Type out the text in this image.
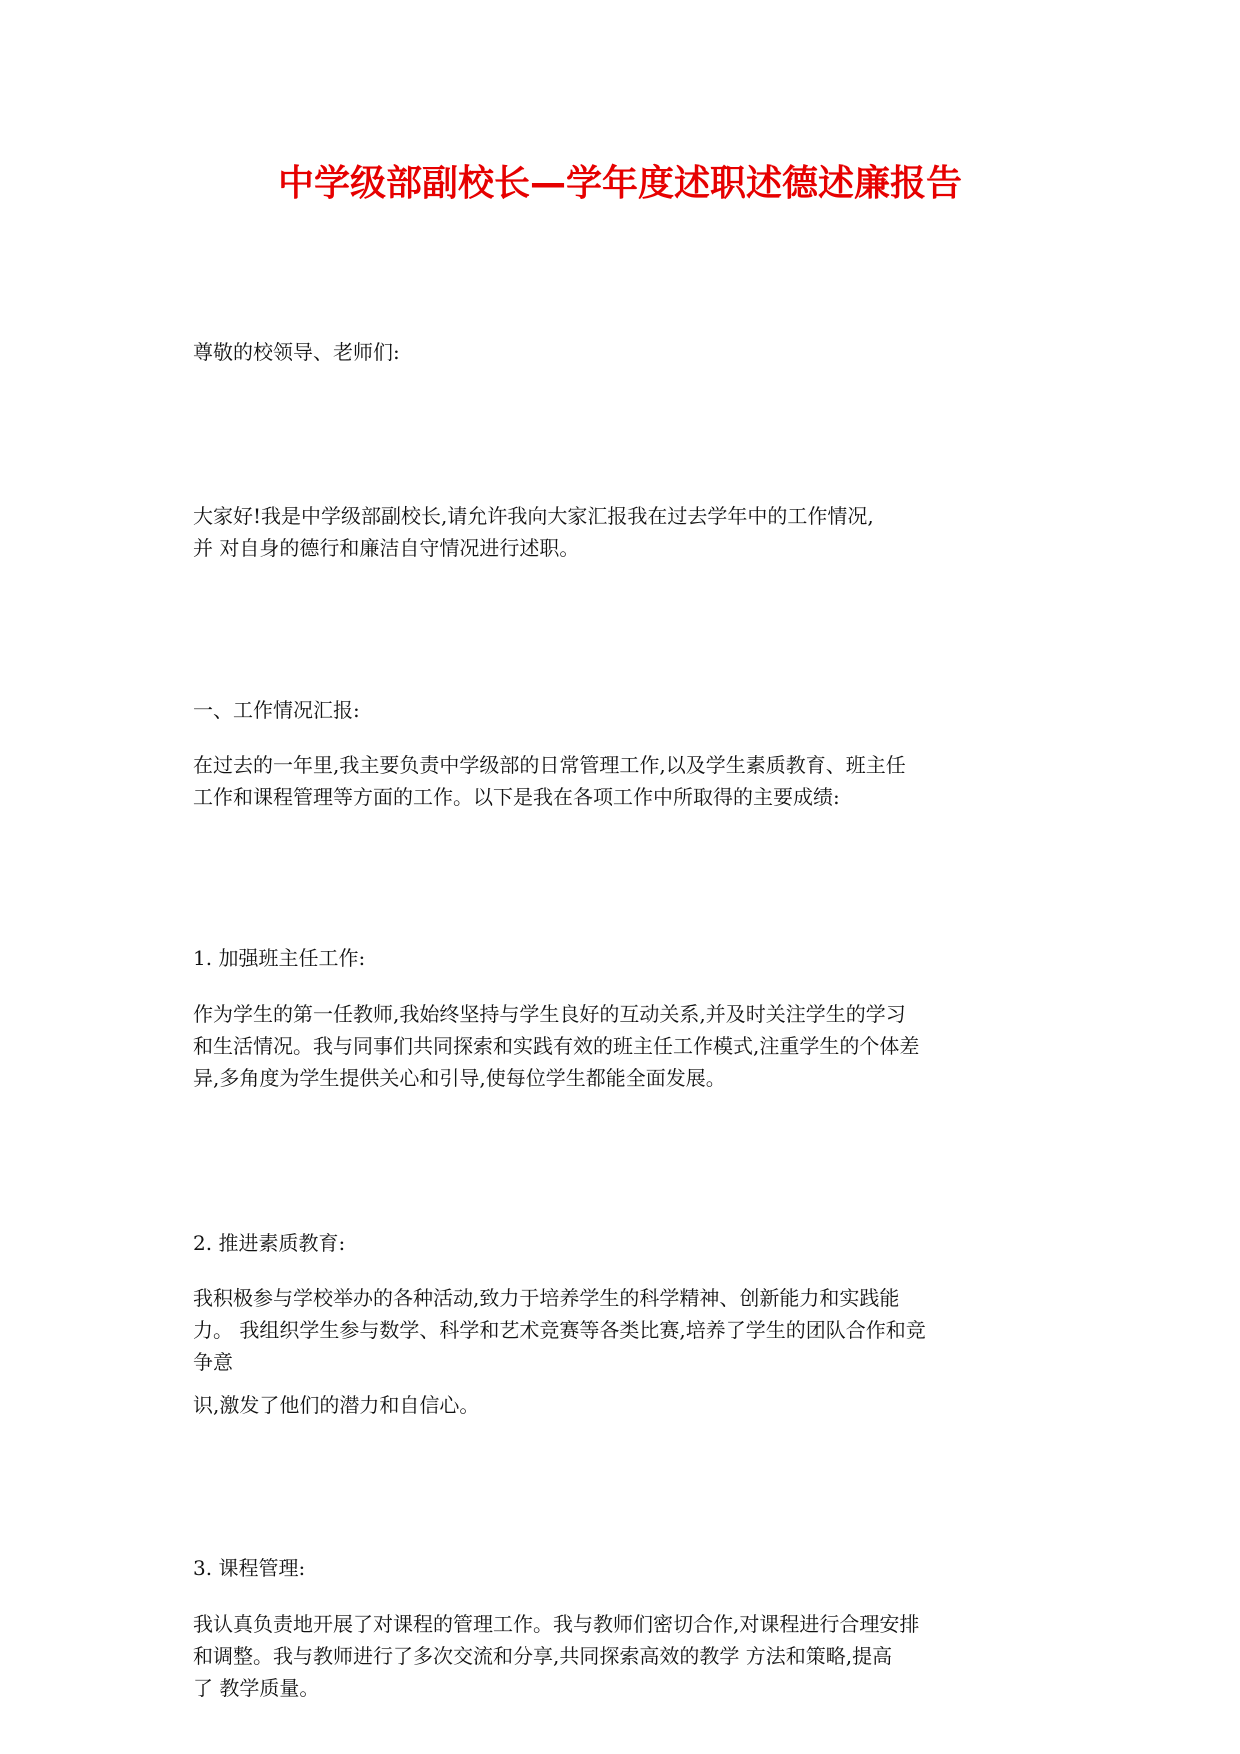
中学级部副校长—学年度述职述德述廉报告

尊敬的校领导、老师们:

大家好!我是中学级部副校长,请允许我向大家汇报我在过去学年中的工作情况,
并 对自身的德行和廉洁自守情况进行述职。

一、工作情况汇报:

在过去的一年里,我主要负责中学级部的日常管理工作,以及学生素质教育、班主任
工作和课程管理等方面的工作。以下是我在各项工作中所取得的主要成绩:

1. 加强班主任工作:

作为学生的第一任教师,我始终坚持与学生良好的互动关系,并及时关注学生的学习
和生活情况。我与同事们共同探索和实践有效的班主任工作模式,注重学生的个体差
异,多角度为学生提供关心和引导,使每位学生都能全面发展。

2. 推进素质教育:

我积极参与学校举办的各种活动,致力于培养学生的科学精神、创新能力和实践能
力。 我组织学生参与数学、科学和艺术竞赛等各类比赛,培养了学生的团队合作和竞
争意

识,激发了他们的潜力和自信心。

3. 课程管理:

我认真负责地开展了对课程的管理工作。我与教师们密切合作,对课程进行合理安排
和调整。我与教师进行了多次交流和分享,共同探索高效的教学 方法和策略,提高
了 教学质量。
